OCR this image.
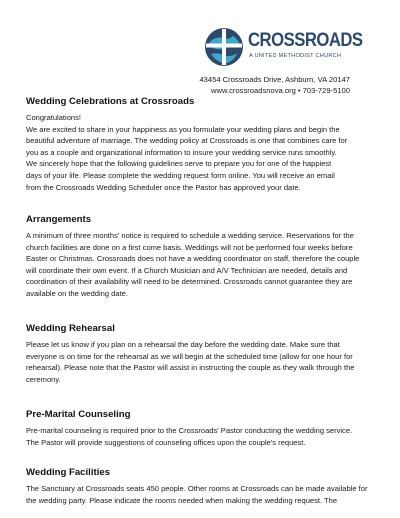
CROSSROADS
A UNITED METHODIST CHURCH
43454 Crossroads Drive, Ashburn, VA 20147
www.crossroadsnova.org • 703-729-5100
Wedding Celebrations at Crossroads
Congratulations!
We are excited to share in your happiness as you formulate your wedding plans and begin the
beautiful adventure of marriage. The wedding policy at Crossroads is one that combines care for
you as a couple and organizational information to insure your wedding service runs smoothly.
We sincerely hope that the following guidelines serve to prepare you for one of the happiest
days of your life. Please complete the wedding request form online. You will receive an email
from the Crossroads Wedding Scheduler once the Pastor has approved your date.
Arrangements
A minimum of three months' notice is required to schedule a wedding service. Reservations for the
church facilities are done on a first come basis. Weddings will not be performed four weeks before
Easter or Christmas. Crossroads does not have a wedding coordinator on staff, therefore the couple
will coordinate their own event. If a Church Musician and A/V Technician are needed, details and
coordination of their availability will need to be determined. Crossroads cannot guarantee they are
available on the wedding date.
Wedding Rehearsal
Please let us know if you plan on a rehearsal the day before the wedding date. Make sure that
everyone is on time for the rehearsal as we will begin at the scheduled time (allow for one hour for
rehearsal). Please note that the Pastor will assist in instructing the couple as they walk through the
ceremony.
Pre-Marital Counseling
Pre-marital counseling is required prior to the Crossroads' Pastor conducting the wedding service.
The Pastor will provide suggestions of counseling offices upon the couple's request.
Wedding Facilities
The Sanctuary at Crossroads seats 450 people. Other rooms at Crossroads can be made available for
the wedding party. Please indicate the rooms needed when making the wedding request. The
